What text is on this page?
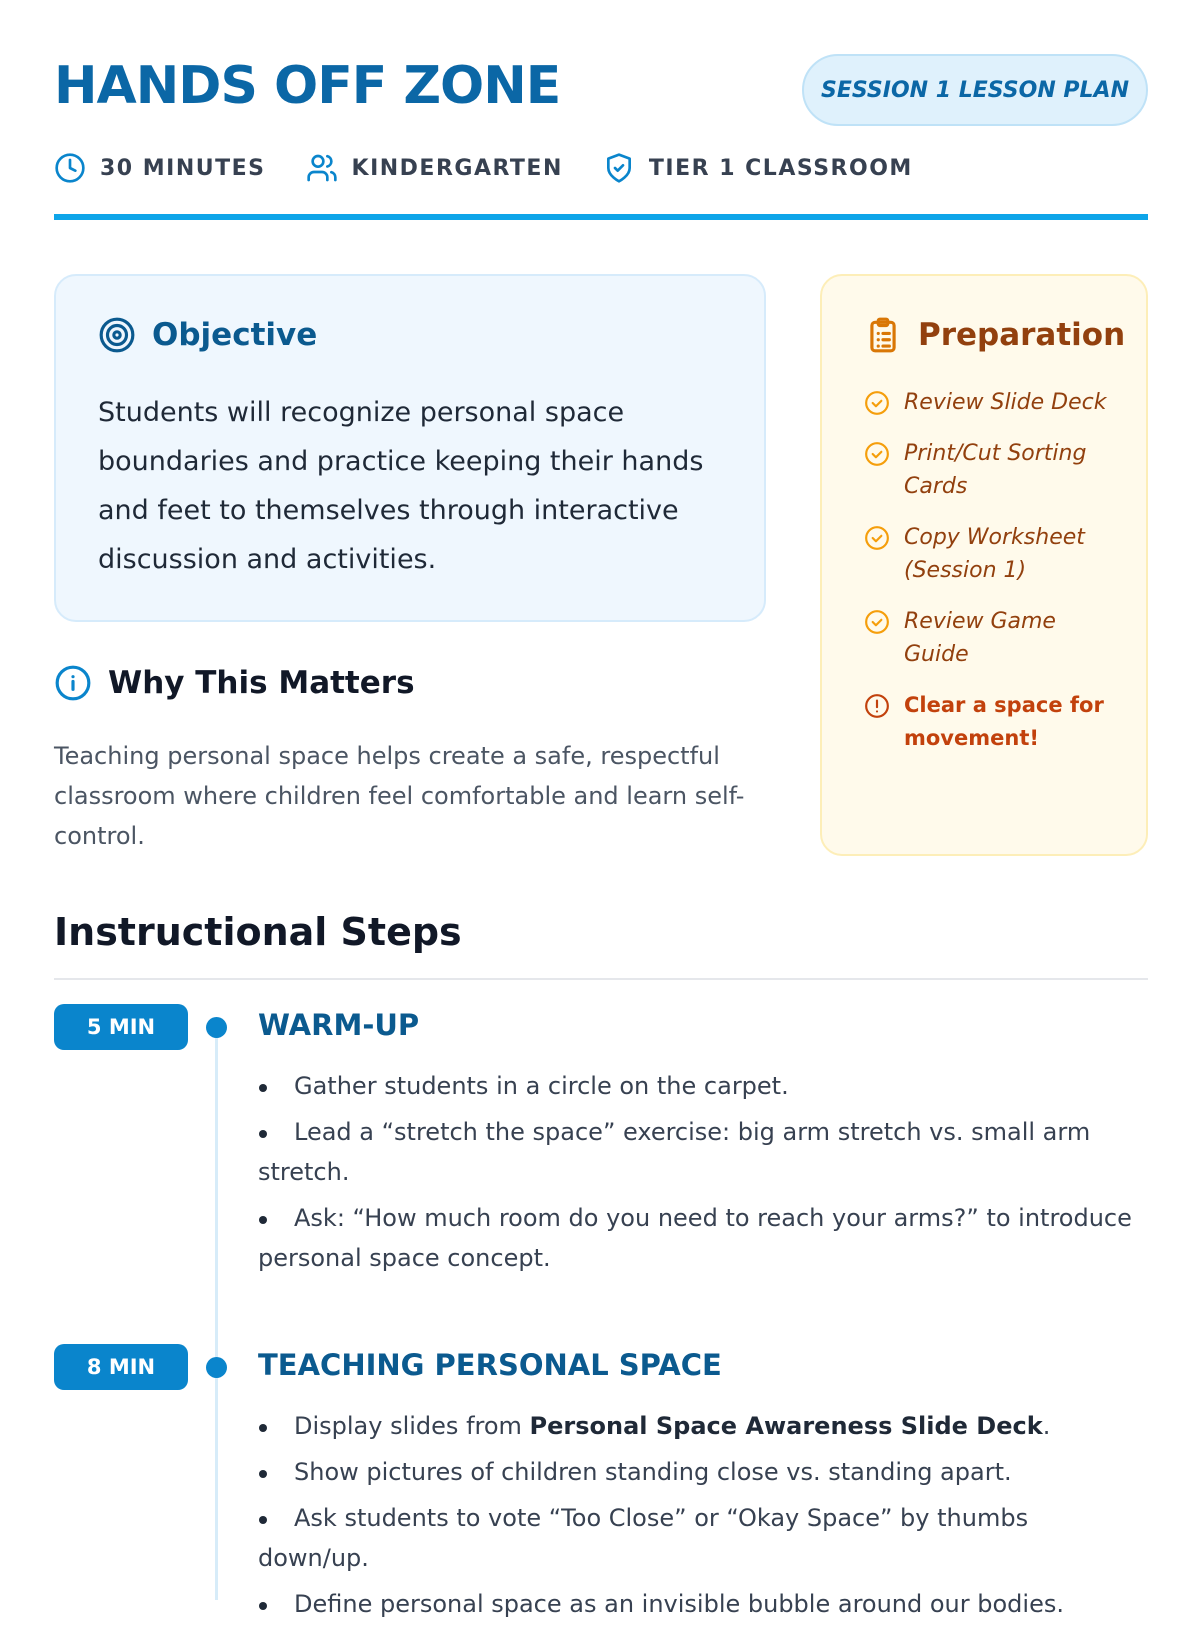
HANDS OFF ZONE	SESSION 1 LESSON PLAN
30 MINUTES	KINDERGARTEN	TIER 1 CLASSROOM
Objective

Students will recognize personal space boundaries and practice keeping their hands and feet to themselves through interactive discussion and activities.

Why This Matters

Teaching personal space helps create a safe, respectful classroom where children feel comfortable and learn self-control.

Preparation
Review Slide Deck
Print/Cut Sorting Cards
Copy Worksheet (Session 1)
Review Game Guide
Clear a space for movement!
Instructional Steps
5 MIN	WARM-UP
Gather students in a circle on the carpet.
Lead a “stretch the space” exercise: big arm stretch vs. small arm stretch.
Ask: “How much room do you need to reach your arms?” to introduce personal space concept.
8 MIN	TEACHING PERSONAL SPACE
Display slides from Personal Space Awareness Slide Deck.
Show pictures of children standing close vs. standing apart.
Ask students to vote “Too Close” or “Okay Space” by thumbs down/up.
Define personal space as an invisible bubble around our bodies.
